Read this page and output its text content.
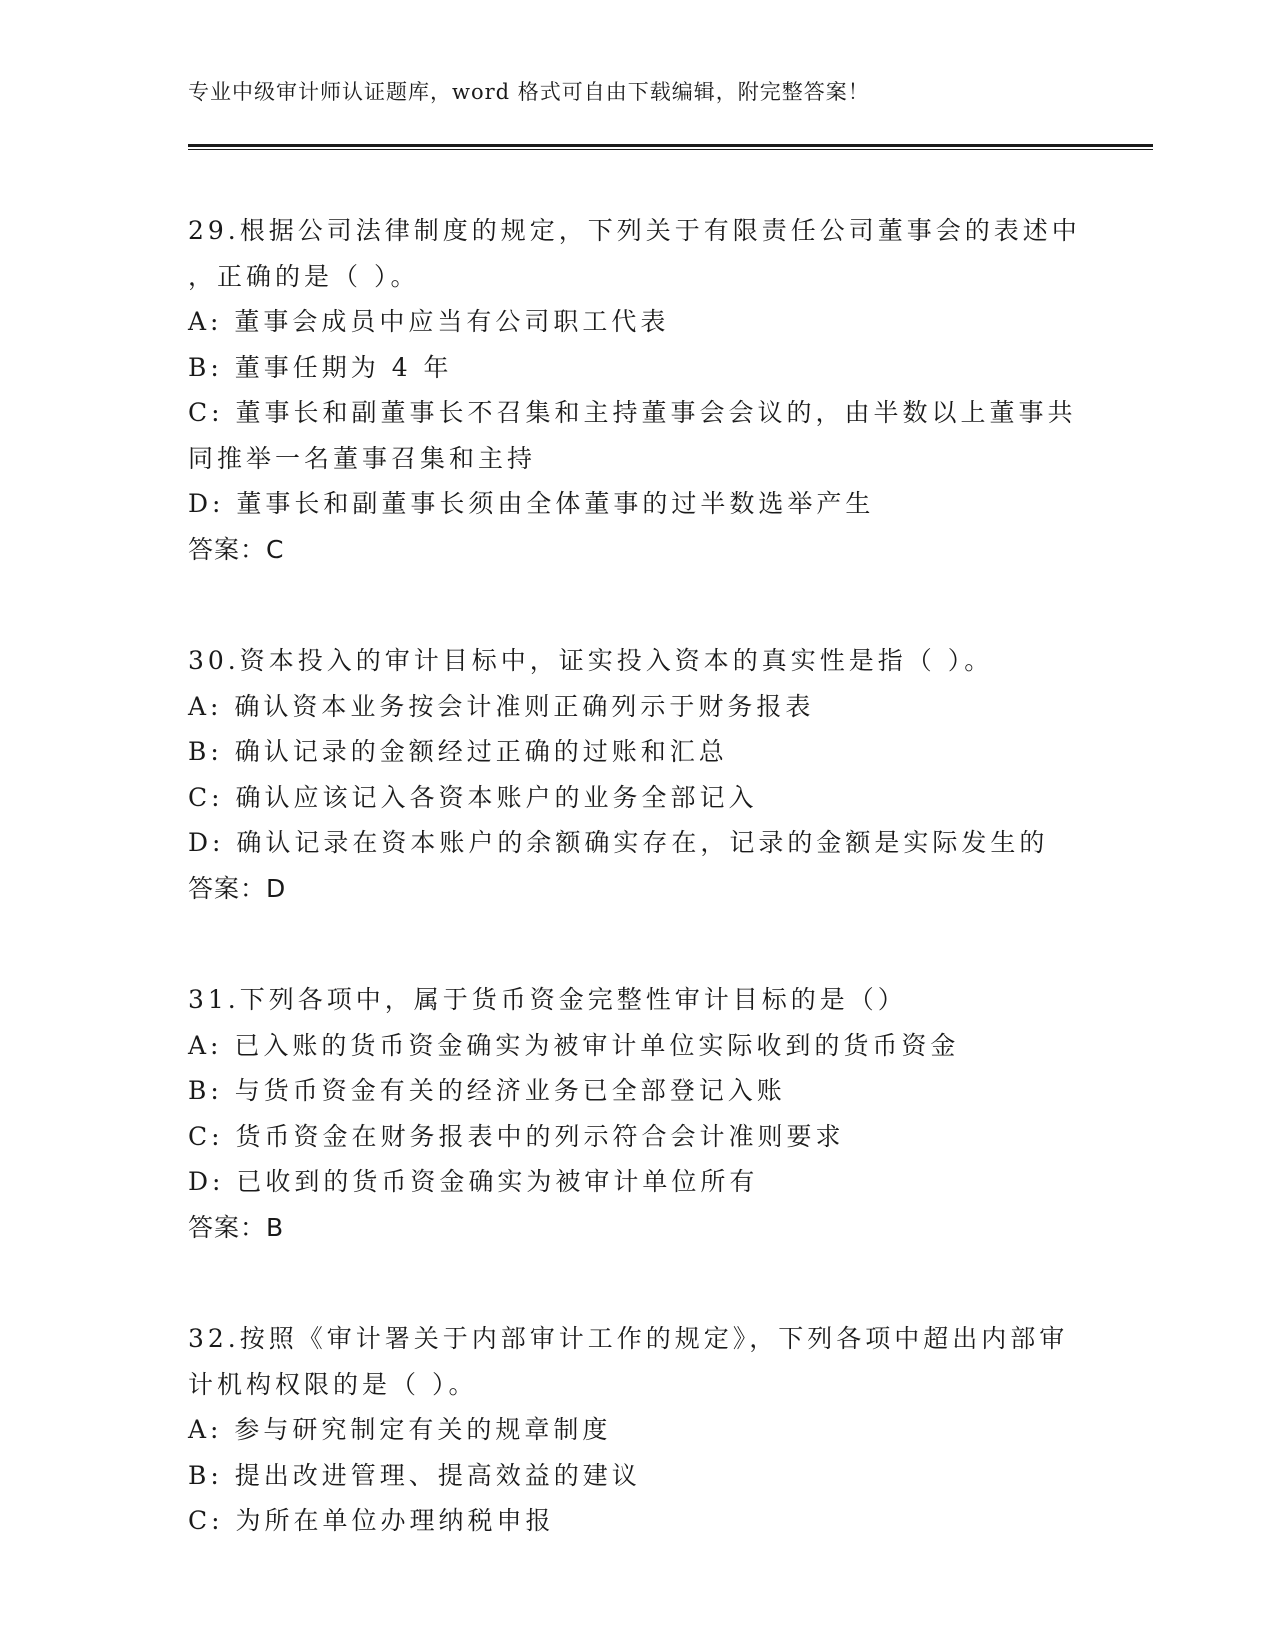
专业中级审计师认证题库，word 格式可自由下载编辑，附完整答案！
29.根据公司法律制度的规定，下列关于有限责任公司董事会的表述中
，正确的是（ ）。
A: 董事会成员中应当有公司职工代表
B: 董事任期为 4 年
C: 董事长和副董事长不召集和主持董事会会议的，由半数以上董事共
同推举一名董事召集和主持
D: 董事长和副董事长须由全体董事的过半数选举产生
答案：C
30.资本投入的审计目标中，证实投入资本的真实性是指（ ）。
A: 确认资本业务按会计准则正确列示于财务报表
B: 确认记录的金额经过正确的过账和汇总
C: 确认应该记入各资本账户的业务全部记入
D: 确认记录在资本账户的余额确实存在，记录的金额是实际发生的
答案：D
31.下列各项中，属于货币资金完整性审计目标的是（）
A: 已入账的货币资金确实为被审计单位实际收到的货币资金
B: 与货币资金有关的经济业务已全部登记入账
C: 货币资金在财务报表中的列示符合会计准则要求
D: 已收到的货币资金确实为被审计单位所有
答案：B
32.按照《审计署关于内部审计工作的规定》，下列各项中超出内部审
计机构权限的是（ ）。
A: 参与研究制定有关的规章制度
B: 提出改进管理、提高效益的建议
C: 为所在单位办理纳税申报
